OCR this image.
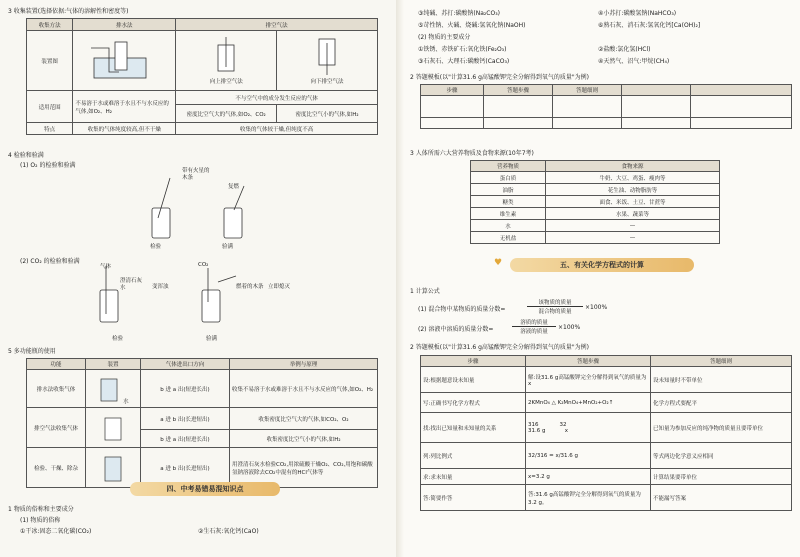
3 收集装置(选择依据:气体的溶解性和密度等)
收集方法	排水法	排空气法	
装置图		向上排空气法	向下排空气法

适用范围	不易溶于水或难溶于水且不与水反应的气体,如O₂、H₂	不与空气中的成分发生反应的气体	
		密度比空气大的气体,如O₂、CO₂	密度比空气小的气体,如H₂
特点	收集的气体纯度较高,但不干燥	收集的气体较干燥,但纯度不高	
4 检验和验满
(1) O₂ 的检验和验满
带有火星的木条
复燃
检验	验满
(2) CO₂ 的检验和验满
气体
澄清石灰水	变浑浊
CO₂
燃着的木条 立即熄灭
检验	验满
5 多功能瓶的使用
功能	装置	气体进出口方向	举例与原理
排水法收集气体	水	b 进 a 出(短进长出)	收集不易溶于水或难溶于水且不与水反应的气体,如O₂、H₂
排空气法收集气体		a 进 b 出(长进短出)	收集密度比空气大的气体,如CO₂、O₂
		b 进 a 出(短进长出)	收集密度比空气小的气体,如H₂
检验、干燥、除杂		a 进 b 出(长进短出)	用澄清石灰水检验CO₂,用浓硫酸干燥O₂、CO₂,用饱和碳酸氢钠溶液除去CO₂中混有的HCl气体等
四、中考易错易混知识点
1 物质的俗称和主要成分
(1) 物质的俗称
①干冰:固态二氧化碳(CO₂)	②生石灰:氧化钙(CaO)
③纯碱、苏打:碳酸钠(Na₂CO₃)	④小苏打:碳酸氢钠(NaHCO₃)
⑤苛性钠、火碱、烧碱:氢氧化钠(NaOH)	⑥熟石灰、消石灰:氢氧化钙[Ca(OH)₂]
(2) 物质的主要成分
①铁锈、赤铁矿石:氧化铁(Fe₂O₃)	②盐酸:氯化氢(HCl)
③石灰石、大理石:碳酸钙(CaCO₃)	④天然气、沼气:甲烷(CH₄)
2 答题模板(以"计算31.6 g高锰酸钾完全分解得到氧气的质量"为例)
步骤	答题步骤	答题细则		

3 人体所需六大营养物质及食物来源(10年7考)
营养物质	食物来源
蛋白质	牛奶、大豆、鸡蛋、瘦肉等
油脂	花生油、动物脂肪等
糖类	面食、米饭、土豆、甘蔗等
维生素	水果、蔬菜等
水	—
无机盐	—
♥	五、有关化学方程式的计算
1 计算公式
(1) 混合物中某物质的质量分数=
该物质的质量
混合物的质量
×100%
(2) 溶液中溶质的质量分数=
溶质的质量
溶液的质量
×100%
2 答题模板(以"计算31.6 g高锰酸钾完全分解得到氧气的质量"为例)
步骤	答题步骤	答题细则
设:根据题意设未知量	解:设31.6 g高锰酸钾完全分解得到氧气的质量为x	设未知量时不带单位
写:正确书写化学方程式	2KMnO₄ △ K₂MnO₄+MnO₂+O₂↑	化学方程式要配平
找:找出已知量和未知量的关系	316            32
31.6 g           x	已知量为参加反应的纯净物的质量且要带单位
列:列比例式	32/316 = x/31.6 g	等式两边化学意义应相同
求:求未知量	x=3.2 g	计算结果要带单位
答:简要作答	答:31.6 g高锰酸钾完全分解得到氧气的质量为3.2 g。	不能漏写答案
